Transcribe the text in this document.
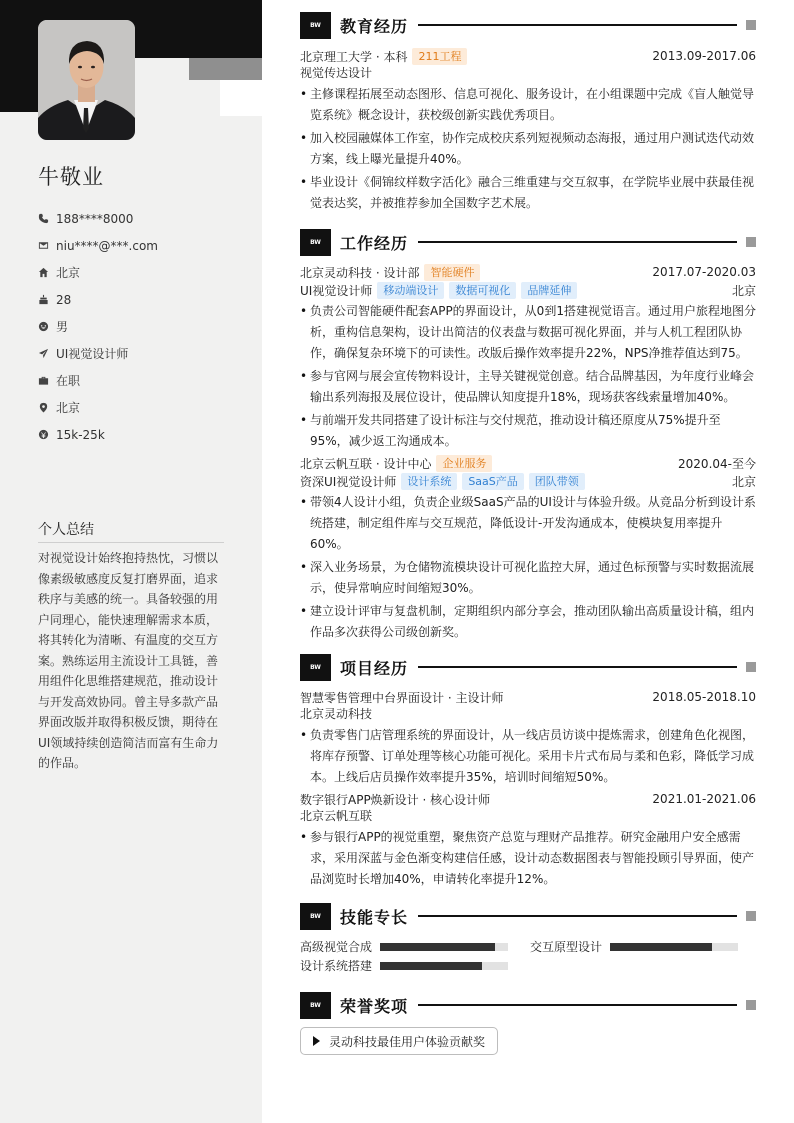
牛敬业
188****8000
niu****@***.com
北京
28
男
UI视觉设计师
在职
北京
15k-25k
个人总结
对视觉设计始终抱持热忱，习惯以像素级敏感度反复打磨界面，追求秩序与美感的统一。具备较强的用户同理心，能快速理解需求本质，将其转化为清晰、有温度的交互方案。熟练运用主流设计工具链，善用组件化思维搭建规范，推动设计与开发高效协同。曾主导多款产品界面改版并取得积极反馈，期待在UI领域持续创造简洁而富有生命力的作品。
BW	教育经历
北京理工大学 · 本科	211工程	2013.09-2017.06
视觉传达设计
• 主修课程拓展至动态图形、信息可视化、服务设计，在小组课题中完成《盲人触觉导览系统》概念设计，获校级创新实践优秀项目。
• 加入校园融媒体工作室，协作完成校庆系列短视频动态海报，通过用户测试迭代动效方案，线上曝光量提升40%。
• 毕业设计《侗锦纹样数字活化》融合三维重建与交互叙事，在学院毕业展中获最佳视觉表达奖，并被推荐参加全国数字艺术展。
BW	工作经历
北京灵动科技 · 设计部	智能硬件	2017.07-2020.03
UI视觉设计师	移动端设计	数据可视化	品牌延伸	北京
• 负责公司智能硬件配套APP的界面设计，从0到1搭建视觉语言。通过用户旅程地图分析，重构信息架构，设计出简洁的仪表盘与数据可视化界面，并与人机工程团队协作，确保复杂环境下的可读性。改版后操作效率提升22%，NPS净推荐值达到75。
• 参与官网与展会宣传物料设计，主导关键视觉创意。结合品牌基因，为年度行业峰会输出系列海报及展位设计，使品牌认知度提升18%，现场获客线索量增加40%。
• 与前端开发共同搭建了设计标注与交付规范，推动设计稿还原度从75%提升至95%，减少返工沟通成本。
北京云帆互联 · 设计中心	企业服务	2020.04-至今
资深UI视觉设计师	设计系统	SaaS产品	团队带领	北京
• 带领4人设计小组，负责企业级SaaS产品的UI设计与体验升级。从竞品分析到设计系统搭建，制定组件库与交互规范，降低设计-开发沟通成本，使模块复用率提升60%。
• 深入业务场景，为仓储物流模块设计可视化监控大屏，通过色标预警与实时数据流展示，使异常响应时间缩短30%。
• 建立设计评审与复盘机制，定期组织内部分享会，推动团队输出高质量设计稿，组内作品多次获得公司级创新奖。
BW	项目经历
智慧零售管理中台界面设计 · 主设计师	2018.05-2018.10
北京灵动科技
• 负责零售门店管理系统的界面设计，从一线店员访谈中提炼需求，创建角色化视图，将库存预警、订单处理等核心功能可视化。采用卡片式布局与柔和色彩，降低学习成本。上线后店员操作效率提升35%，培训时间缩短50%。
数字银行APP焕新设计 · 核心设计师	2021.01-2021.06
北京云帆互联
• 参与银行APP的视觉重塑，聚焦资产总览与理财产品推荐。研究金融用户安全感需求，采用深蓝与金色渐变构建信任感，设计动态数据图表与智能投顾引导界面，使产品浏览时长增加40%，申请转化率提升12%。
BW	技能专长
高级视觉合成	交互原型设计
设计系统搭建
BW	荣誉奖项
灵动科技最佳用户体验贡献奖
